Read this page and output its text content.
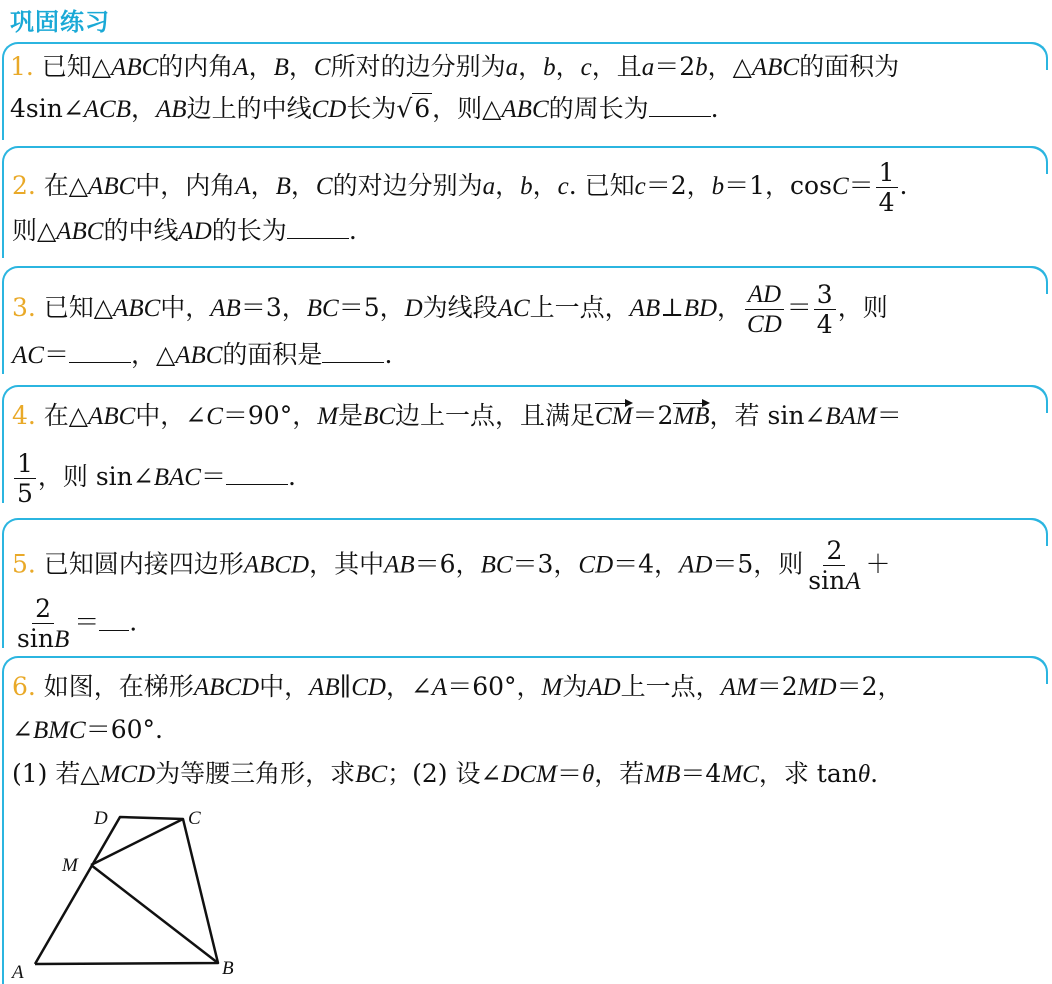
巩固练习
1. 已知△ABC的内角A，B，C所对的边分别为a，b，c，且a＝2b，△ABC的面积为
4sin∠ACB，AB边上的中线CD长为√6，则△ABC的周长为 .
2. 在△ABC中，内角A，B，C的对边分别为a，b，c. 已知c＝2，b＝1，$\cos C= \frac{1}{4}$ .
则△ABC的中线AD的长为 .
3. 已知△ABC中，AB＝3，BC＝5，D为线段AC上一点，AB⊥BD， $\frac{AD}{CD} = \frac{3}{4}$ ，则
AC＝ ，△ABC的面积是 .
4. 在△ABC中，∠C＝90°，M是BC边上一点，且满足CM＝2MB，若 sin∠BAM＝
$\frac{1}{5}$ ，则 sin∠BAC＝ .
5. 已知圆内接四边形ABCD，其中AB＝6，BC＝3，CD＝4，AD＝5，则 $\frac{2}{\sin A}$ ＋
$\frac{2}{\sin B}$ ＝ .
6. 如图，在梯形ABCD中，AB∥CD，∠A＝60°，M为AD上一点，AM＝2MD＝2，
∠BMC＝60°.
(1) 若△MCD为等腰三角形，求BC；(2) 设∠DCM＝θ，若MB＝4MC，求 tanθ.
D	C
M
A	B
